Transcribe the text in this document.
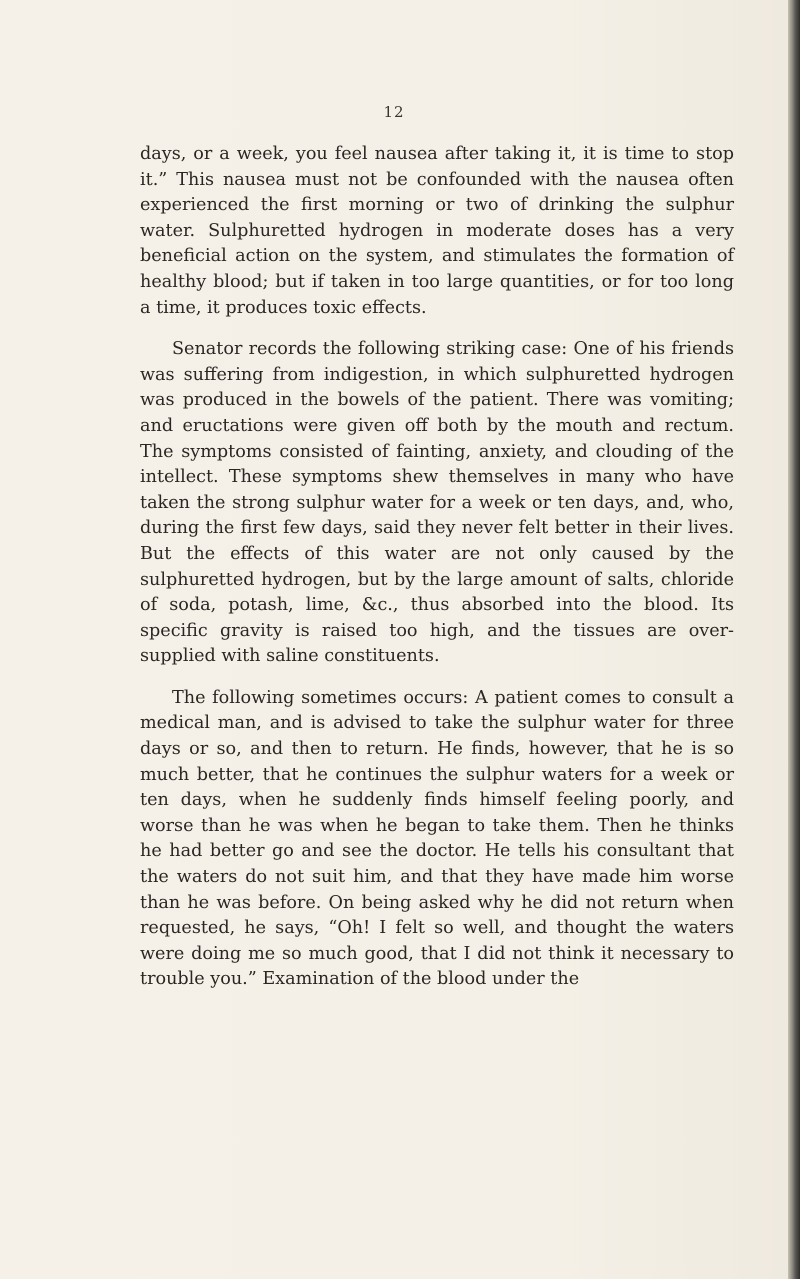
12

days, or a week, you feel nausea after taking it, it is time to stop it.” This nausea must not be confounded with the nausea often experienced the first morning or two of drinking the sulphur water. Sulphuretted hydrogen in moderate doses has a very beneficial action on the system, and stimulates the formation of healthy blood; but if taken in too large quantities, or for too long a time, it produces toxic effects.

Senator records the following striking case: One of his friends was suffering from indigestion, in which sulphuretted hydrogen was produced in the bowels of the patient. There was vomiting; and eructations were given off both by the mouth and rectum. The symptoms consisted of fainting, anxiety, and clouding of the intellect. These symptoms shew themselves in many who have taken the strong sulphur water for a week or ten days, and, who, during the first few days, said they never felt better in their lives. But the effects of this water are not only caused by the sulphuretted hydrogen, but by the large amount of salts, chloride of soda, potash, lime, &c., thus absorbed into the blood. Its specific gravity is raised too high, and the tissues are over-supplied with saline constituents.

The following sometimes occurs: A patient comes to consult a medical man, and is advised to take the sulphur water for three days or so, and then to return. He finds, however, that he is so much better, that he continues the sulphur waters for a week or ten days, when he suddenly finds himself feeling poorly, and worse than he was when he began to take them. Then he thinks he had better go and see the doctor. He tells his consultant that the waters do not suit him, and that they have made him worse than he was before. On being asked why he did not return when requested, he says, “Oh! I felt so well, and thought the waters were doing me so much good, that I did not think it necessary to trouble you.” Examination of the blood under the
